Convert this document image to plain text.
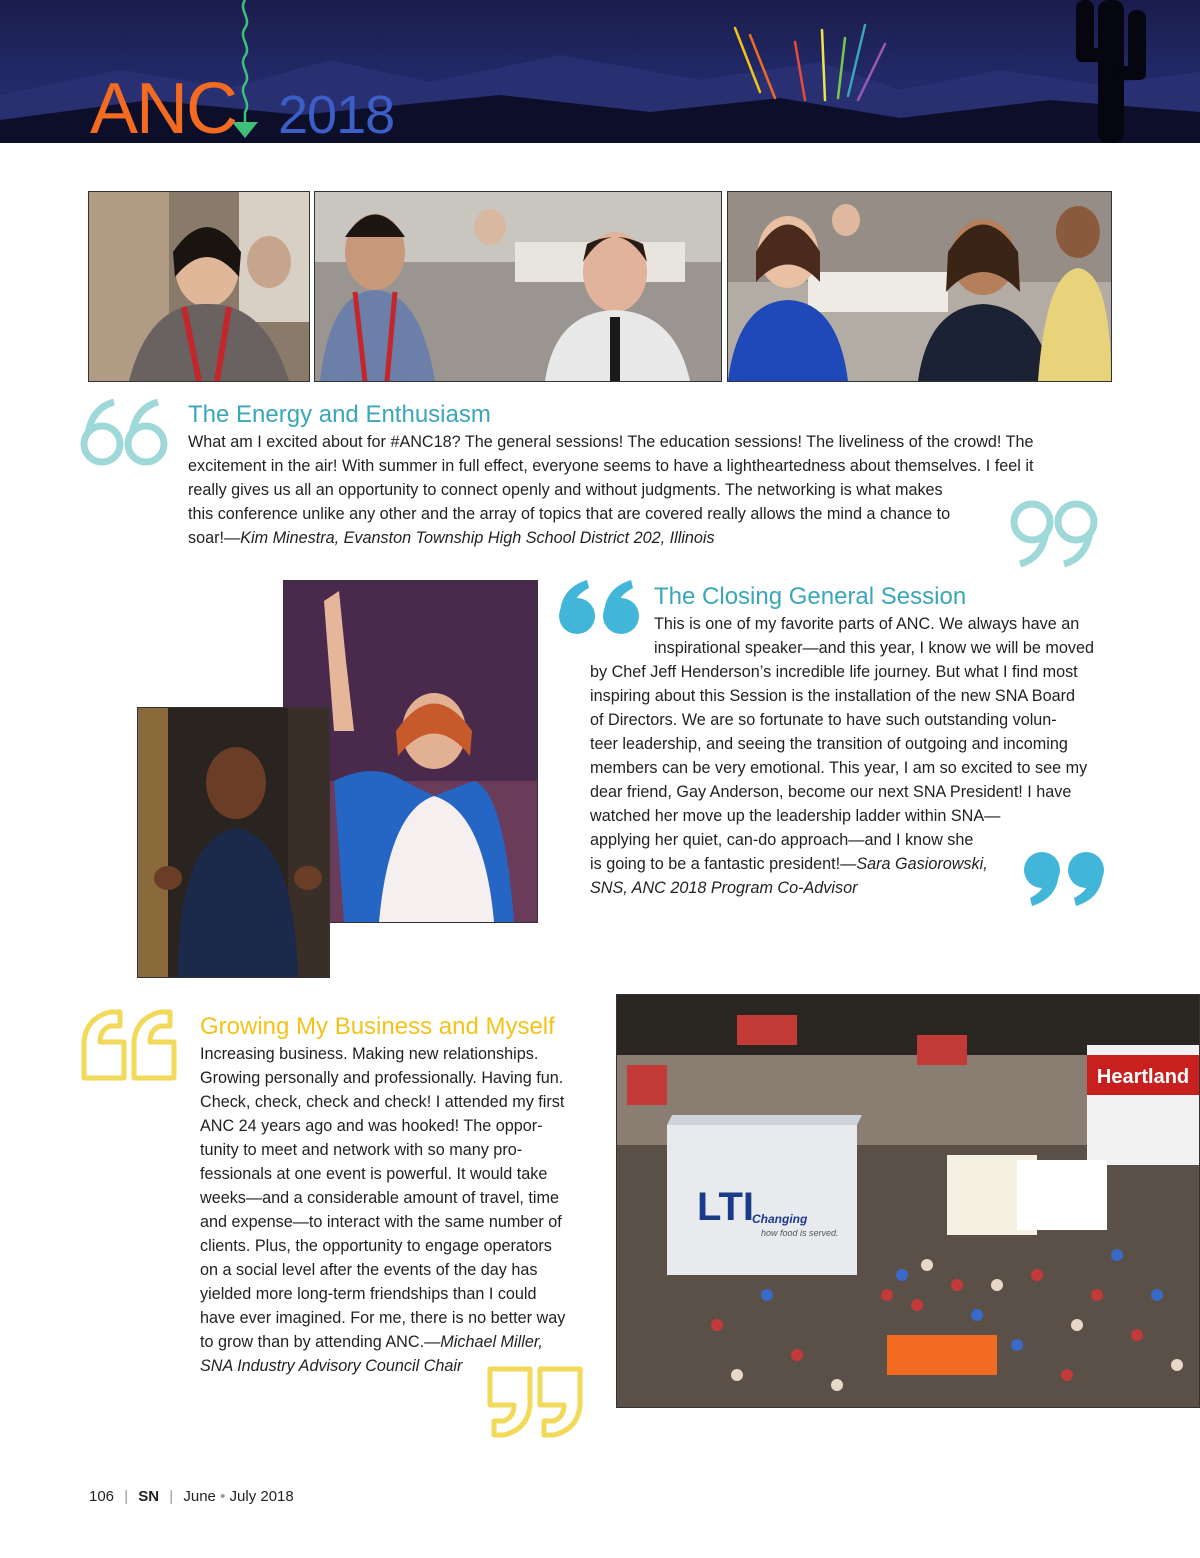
ANC 2018
The Energy and Enthusiasm
What am I excited about for #ANC18? The general sessions! The education sessions! The liveliness of the crowd! The
excitement in the air! With summer in full effect, everyone seems to have a lightheartedness about themselves. I feel it
really gives us all an opportunity to connect openly and without judgments. The networking is what makes
this conference unlike any other and the array of topics that are covered really allows the mind a chance to
soar!—Kim Minestra, Evanston Township High School District 202, Illinois
The Closing General Session
This is one of my favorite parts of ANC. We always have an
inspirational speaker—and this year, I know we will be moved
by Chef Jeff Henderson’s incredible life journey. But what I find most
inspiring about this Session is the installation of the new SNA Board
of Directors. We are so fortunate to have such outstanding volun-
teer leadership, and seeing the transition of outgoing and incoming
members can be very emotional. This year, I am so excited to see my
dear friend, Gay Anderson, become our next SNA President! I have
watched her move up the leadership ladder within SNA—
applying her quiet, can-do approach—and I know she
is going to be a fantastic president!—Sara Gasiorowski,
SNS, ANC 2018 Program Co-Advisor
Growing My Business and Myself
Increasing business. Making new relationships.
Growing personally and professionally. Having fun.
Check, check, check and check! I attended my first
ANC 24 years ago and was hooked! The oppor-
tunity to meet and network with so many pro-
fessionals at one event is powerful. It would take
weeks—and a considerable amount of travel, time
and expense—to interact with the same number of
clients. Plus, the opportunity to engage operators
on a social level after the events of the day has
yielded more long-term friendships than I could
have ever imagined. For me, there is no better way
to grow than by attending ANC.—Michael Miller,
SNA Industry Advisory Council Chair
Heartland
LTI
Changing
how food is served.
106 | SN | June • July 2018
